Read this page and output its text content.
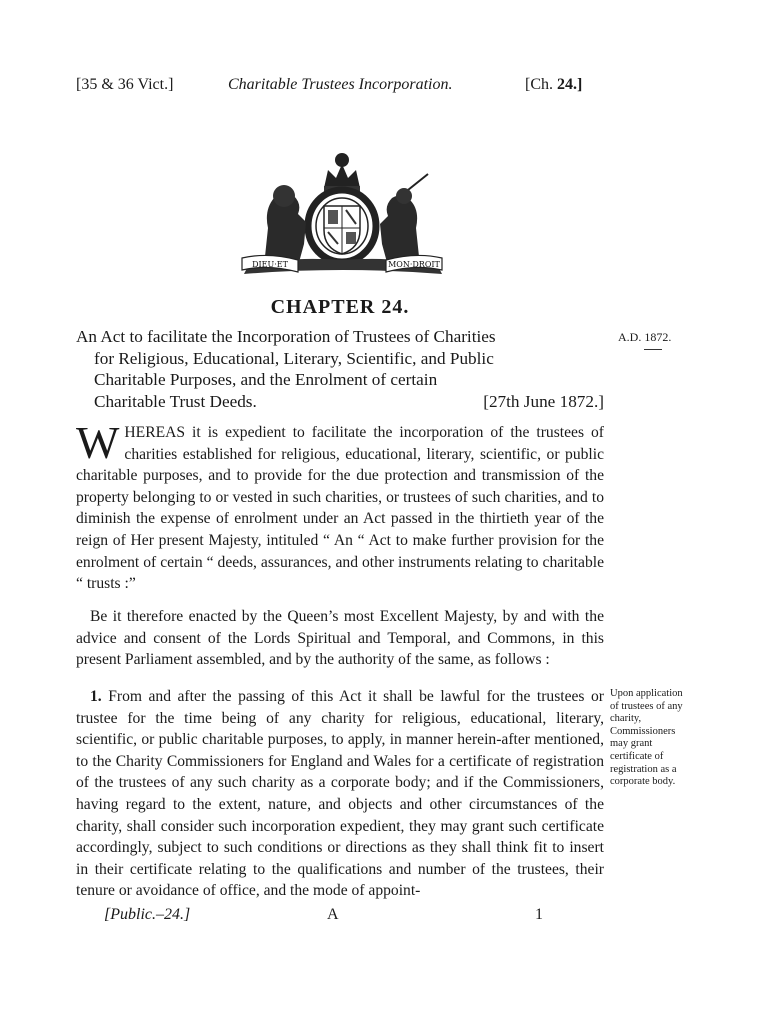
[35 & 36 Vict.]	Charitable Trustees Incorporation.	[Ch. 24.]
DIEU·ET	MON·DROIT
CHAPTER 24.
An Act to facilitate the Incorporation of Trustees of Charities
for Religious, Educational, Literary, Scientific, and Public
Charitable Purposes, and the Enrolment of certain
Charitable Trust Deeds.	[27th June 1872.]
A.D. 1872.
WHEREAS it is expedient to facilitate the incorporation of the trustees of charities established for religious, educational, literary, scientific, or public charitable purposes, and to provide for the due protection and transmission of the property belonging to or vested in such charities, or trustees of such charities, and to diminish the expense of enrolment under an Act passed in the thirtieth year of the reign of Her present Majesty, intituled “ An “ Act to make further provision for the enrolment of certain “ deeds, assurances, and other instruments relating to charitable “ trusts :”
Be it therefore enacted by the Queen’s most Excellent Majesty, by and with the advice and consent of the Lords Spiritual and Temporal, and Commons, in this present Parliament assembled, and by the authority of the same, as follows :
1. From and after the passing of this Act it shall be lawful for the trustees or trustee for the time being of any charity for religious, educational, literary, scientific, or public charitable purposes, to apply, in manner herein-after mentioned, to the Charity Commissioners for England and Wales for a certificate of registration of the trustees of any such charity as a corporate body; and if the Commissioners, having regard to the extent, nature, and objects and other circumstances of the charity, shall consider such incorporation expedient, they may grant such certificate accordingly, subject to such conditions or directions as they shall think fit to insert in their certificate relating to the qualifications and number of the trustees, their tenure or avoidance of office, and the mode of appoint-
Upon application of trustees of any charity, Commissioners may grant certificate of registration as a corporate body.
[Public.–24.]	A	1
